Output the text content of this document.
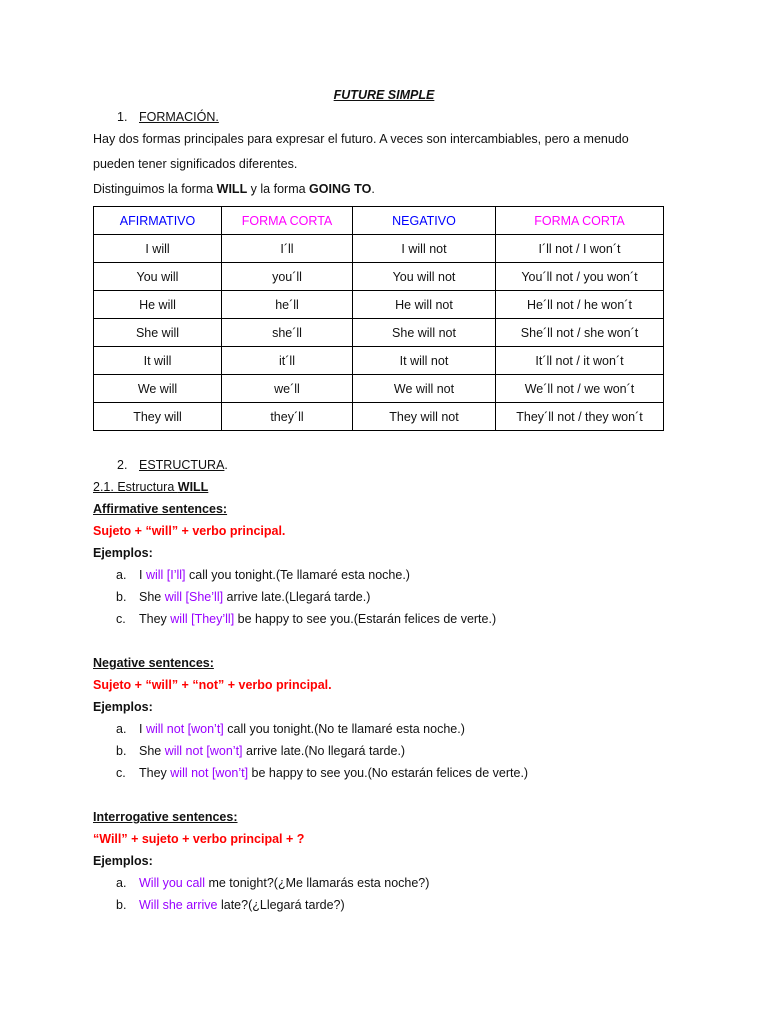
FUTURE SIMPLE
1. FORMACIÓN.
Hay dos formas principales para expresar el futuro. A veces son intercambiables, pero a menudo
pueden tener significados diferentes.
Distinguimos la forma WILL y la forma GOING TO.
AFIRMATIVO	FORMA CORTA	NEGATIVO	FORMA CORTA
I will	I´ll	I will not	I´ll not / I won´t
You will	you´ll	You will not	You´ll not / you won´t
He will	he´ll	He will not	He´ll not / he won´t
She will	she´ll	She will not	She´ll not / she won´t
It will	it´ll	It will not	It´ll not / it won´t
We will	we´ll	We will not	We´ll not / we won´t
They will	they´ll	They will not	They´ll not / they won´t
2. ESTRUCTURA.
2.1. Estructura WILL
Affirmative sentences:
Sujeto + “will” + verbo principal.
Ejemplos:
a. I will [I’ll] call you tonight.(Te llamaré esta noche.)
b. She will [She’ll] arrive late.(Llegará tarde.)
c. They will [They’ll] be happy to see you.(Estarán felices de verte.)
Negative sentences:
Sujeto + “will” + “not” + verbo principal.
Ejemplos:
a. I will not [won’t] call you tonight.(No te llamaré esta noche.)
b. She will not [won’t] arrive late.(No llegará tarde.)
c. They will not [won’t] be happy to see you.(No estarán felices de verte.)
Interrogative sentences:
“Will” + sujeto + verbo principal + ?
Ejemplos:
a. Will you call me tonight?(¿Me llamarás esta noche?)
b. Will she arrive late?(¿Llegará tarde?)
